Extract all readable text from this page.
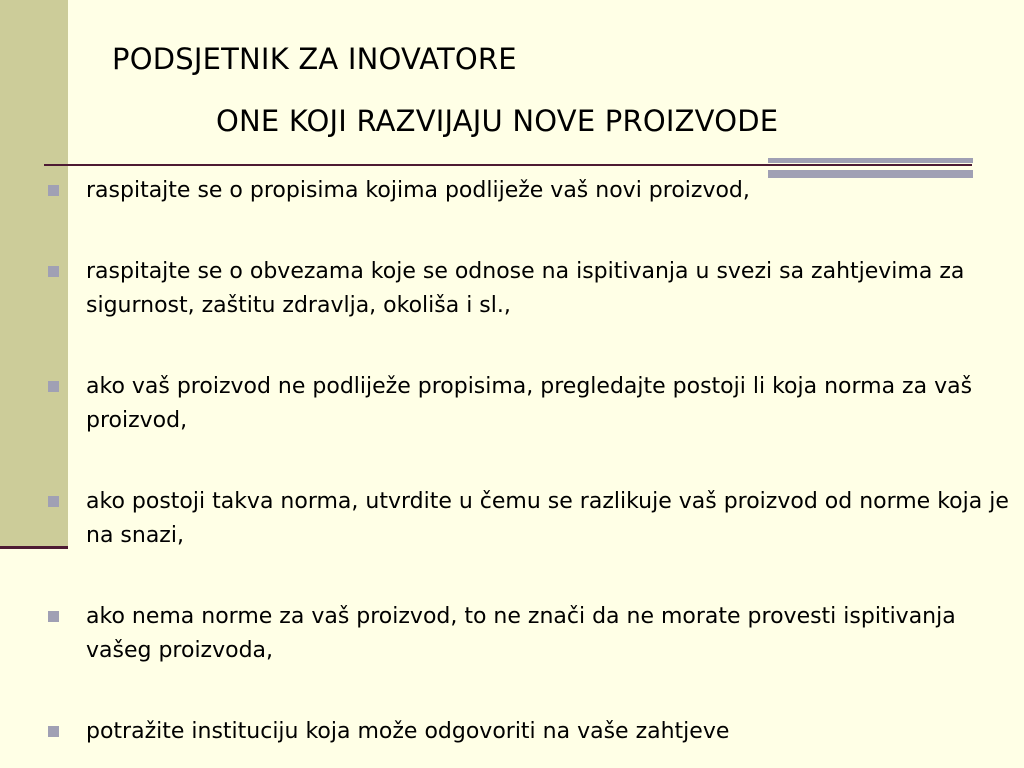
PODSJETNIK ZA INOVATORE
ONE KOJI RAZVIJAJU NOVE PROIZVODE
raspitajte se o propisima kojima podliježe vaš novi proizvod,
raspitajte se o obvezama koje se odnose na ispitivanja u svezi sa zahtjevima za sigurnost, zaštitu zdravlja, okoliša i sl.,
ako vaš proizvod ne podliježe propisima, pregledajte postoji li koja norma za vaš proizvod,
ako postoji takva norma, utvrdite u čemu se razlikuje vaš proizvod od norme koja je na snazi,
ako nema norme za vaš proizvod, to ne znači da ne morate provesti ispitivanja vašeg proizvoda,
potražite instituciju koja može odgovoriti na vaše zahtjeve
